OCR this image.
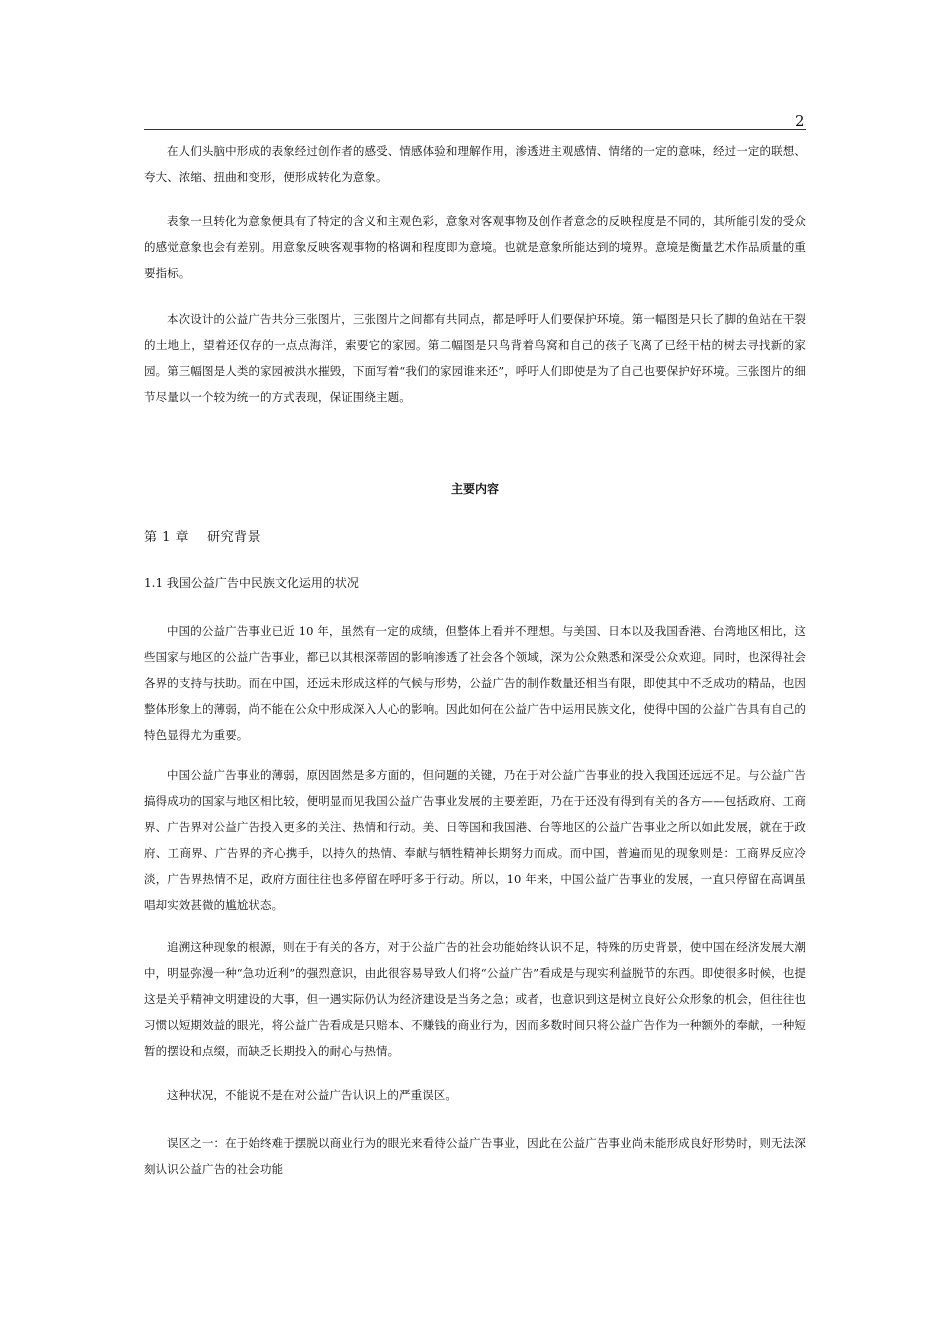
2

在人们头脑中形成的表象经过创作者的感受、情感体验和理解作用，渗透进主观感情、情绪的一定的意味，经过一定的联想、夸大、浓缩、扭曲和变形，便形成转化为意象。

表象一旦转化为意象便具有了特定的含义和主观色彩，意象对客观事物及创作者意念的反映程度是不同的，其所能引发的受众的感觉意象也会有差别。用意象反映客观事物的格调和程度即为意境。也就是意象所能达到的境界。意境是衡量艺术作品质量的重要指标。

本次设计的公益广告共分三张图片，三张图片之间都有共同点，都是呼吁人们要保护环境。第一幅图是只长了脚的鱼站在干裂的土地上，望着还仅存的一点点海洋，索要它的家园。第二幅图是只鸟背着鸟窝和自己的孩子飞离了已经干枯的树去寻找新的家园。第三幅图是人类的家园被洪水摧毁，下面写着“我们的家园谁来还”，呼吁人们即使是为了自己也要保护好环境。三张图片的细节尽量以一个较为统一的方式表现，保证围绕主题。

主要内容
第 1 章　 研究背景
1.1 我国公益广告中民族文化运用的状况

中国的公益广告事业已近 10 年，虽然有一定的成绩，但整体上看并不理想。与美国、日本以及我国香港、台湾地区相比，这些国家与地区的公益广告事业，都已以其根深蒂固的影响渗透了社会各个领域，深为公众熟悉和深受公众欢迎。同时，也深得社会各界的支持与扶助。而在中国，还远未形成这样的气候与形势，公益广告的制作数量还相当有限，即使其中不乏成功的精品，也因整体形象上的薄弱，尚不能在公众中形成深入人心的影响。因此如何在公益广告中运用民族文化，使得中国的公益广告具有自己的特色显得尤为重要。

中国公益广告事业的薄弱，原因固然是多方面的，但问题的关键，乃在于对公益广告事业的投入我国还远远不足。与公益广告搞得成功的国家与地区相比较，便明显而见我国公益广告事业发展的主要差距，乃在于还没有得到有关的各方——包括政府、工商界、广告界对公益广告投入更多的关注、热情和行动。美、日等国和我国港、台等地区的公益广告事业之所以如此发展，就在于政府、工商界、广告界的齐心携手，以持久的热情、奉献与牺牲精神长期努力而成。而中国，普遍而见的现象则是：工商界反应冷淡，广告界热情不足，政府方面往往也多停留在呼吁多于行动。所以，10 年来，中国公益广告事业的发展，一直只停留在高调虽唱却实效甚微的尴尬状态。

追溯这种现象的根源，则在于有关的各方，对于公益广告的社会功能始终认识不足，特殊的历史背景，使中国在经济发展大潮中，明显弥漫一种“急功近利”的强烈意识，由此很容易导致人们将“公益广告”看成是与现实利益脱节的东西。即使很多时候，也提这是关乎精神文明建设的大事，但一遇实际仍认为经济建设是当务之急；或者，也意识到这是树立良好公众形象的机会，但往往也习惯以短期效益的眼光，将公益广告看成是只赔本、不赚钱的商业行为，因而多数时间只将公益广告作为一种额外的奉献，一种短暂的摆设和点缀，而缺乏长期投入的耐心与热情。

这种状况，不能说不是在对公益广告认识上的严重误区。

误区之一：在于始终难于摆脱以商业行为的眼光来看待公益广告事业，因此在公益广告事业尚未能形成良好形势时，则无法深刻认识公益广告的社会功能
